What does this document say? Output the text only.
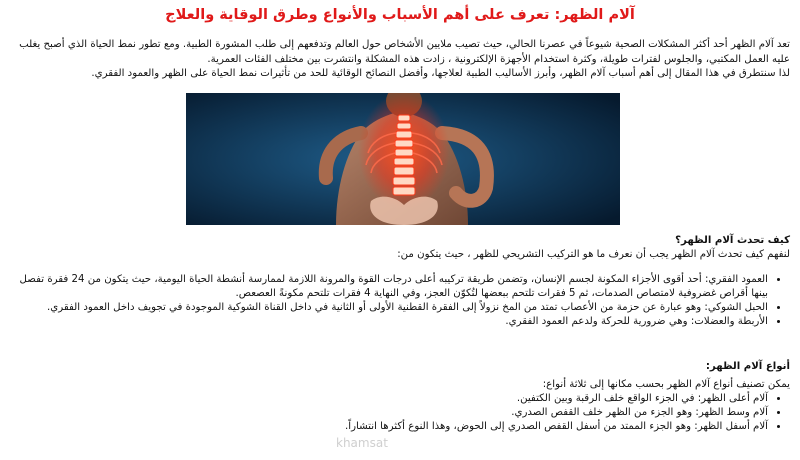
آلام الظهر: تعرف على أهم الأسباب والأنواع وطرق الوقاية والعلاج

تعد آلام الظهر أحد أكثر المشكلات الصحية شيوعاً في عصرنا الحالي، حيث تصيب ملايين الأشخاص حول العالم وتدفعهم إلى طلب المشورة الطبية. ومع تطور نمط الحياة الذي أصبح يغلب عليه العمل المكتبي، والجلوس لفترات طويلة، وكثرة استخدام الأجهزة الإلكترونية ، زادت هذه المشكلة وانتشرت بين مختلف الفئات العمرية.

لذا سنتطرق في هذا المقال إلى أهم أسباب آلام الظهر، وأبرز الأساليب الطبية لعلاجها، وأفضل النصائح الوقائية للحد من تأثيرات نمط الحياة على الظهر والعمود الفقري.

كيف تحدث آلام الظهر؟
لنفهم كيف تحدث آلام الظهر يجب أن نعرف ما هو التركيب التشريحي للظهر ، حيث يتكون من:
• العمود الفقري: أحد أقوى الأجزاء المكونة لجسم الإنسان، وتضمن طريقة تركيبه أعلى درجات القوة والمرونة اللازمة لممارسة أنشطة الحياة اليومية، حيث يتكون من 24 فقرة تفصل بينها أقراص غضروفية لامتصاص الصدمات، ثم 5 فقرات تلتحم ببعضها لتُكوّن العجز، وفي النهاية 4 فقرات تلتحم مكونةً العصعص.
• الحبل الشوكي: وهو عبارة عن حزمة من الأعصاب تمتد من المخ نزولاً إلى الفقرة القطنية الأولى أو الثانية في داخل القناة الشوكية الموجودة في تجويف داخل العمود الفقري.
• الأربطة والعضلات: وهي ضرورية للحركة ولدعم العمود الفقري.
أنواع آلام الظهر:
يمكن تصنيف أنواع آلام الظهر بحسب مكانها إلى ثلاثة أنواع:
• آلام أعلى الظهر: في الجزء الواقع خلف الرقبة وبين الكتفين.
• آلام وسط الظهر: وهو الجزء من الظهر خلف القفص الصدري.
• آلام أسفل الظهر: وهو الجزء الممتد من أسفل القفص الصدري إلى الحوض، وهذا النوع أكثرها انتشاراً.
khamsat
